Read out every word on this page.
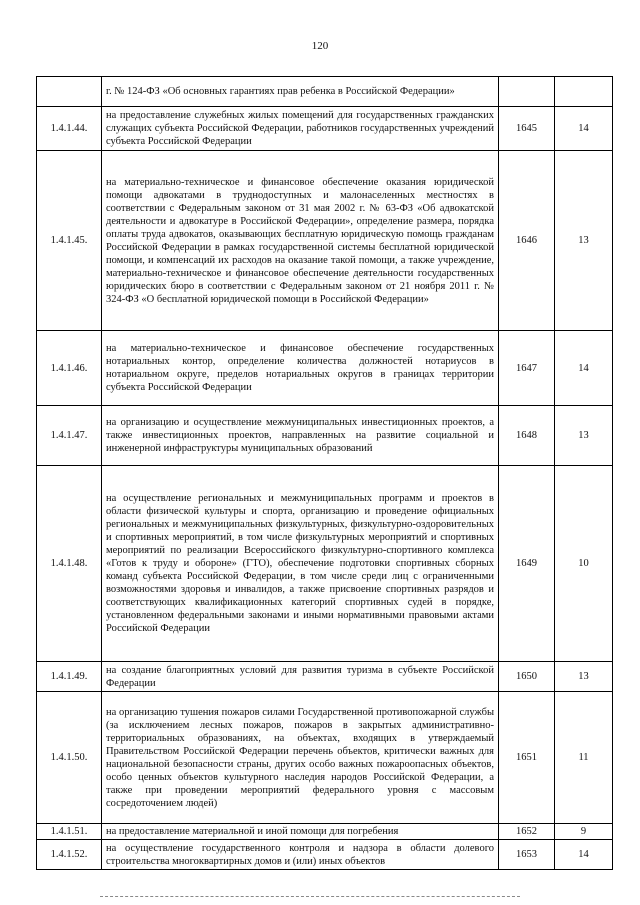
120
	г. № 124-ФЗ «Об основных гарантиях прав ребенка в Российской Федерации»		
1.4.1.44.	на предоставление служебных жилых помещений для государственных гражданских служащих субъекта Российской Федерации, работников государственных учреждений субъекта Российской Федерации	1645	14
1.4.1.45.	на материально-техническое и финансовое обеспечение оказания юридической помощи адвокатами в труднодоступных и малонаселенных местностях в соответствии с Федеральным законом от 31 мая 2002 г. № 63-ФЗ «Об адвокатской деятельности и адвокатуре в Российской Федерации», определение размера, порядка оплаты труда адвокатов, оказывающих бесплатную юридическую помощь гражданам Российской Федерации в рамках государственной системы бесплатной юридической помощи, и компенсаций их расходов на оказание такой помощи, а также учреждение, материально-техническое и финансовое обеспечение деятельности государственных юридических бюро в соответствии с Федеральным законом от 21 ноября 2011 г. № 324-ФЗ «О бесплатной юридической помощи в Российской Федерации»	1646	13
1.4.1.46.	на материально-техническое и финансовое обеспечение государственных нотариальных контор, определение количества должностей нотариусов в нотариальном округе, пределов нотариальных округов в границах территории субъекта Российской Федерации	1647	14
1.4.1.47.	на организацию и осуществление межмуниципальных инвестиционных проектов, а также инвестиционных проектов, направленных на развитие социальной и инженерной инфраструктуры муниципальных образований	1648	13
1.4.1.48.	на осуществление региональных и межмуниципальных программ и проектов в области физической культуры и спорта, организацию и проведение официальных региональных и межмуниципальных физкультурных, физкультурно-оздоровительных и спортивных мероприятий, в том числе физкультурных мероприятий и спортивных мероприятий по реализации Всероссийского физкультурно-спортивного комплекса «Готов к труду и обороне» (ГТО), обеспечение подготовки спортивных сборных команд субъекта Российской Федерации, в том числе среди лиц с ограниченными возможностями здоровья и инвалидов, а также присвоение спортивных разрядов и соответствующих квалификационных категорий спортивных судей в порядке, установленном федеральными законами и иными нормативными правовыми актами Российской Федерации	1649	10
1.4.1.49.	на создание благоприятных условий для развития туризма в субъекте Российской Федерации	1650	13
1.4.1.50.	на организацию тушения пожаров силами Государственной противопожарной службы (за исключением лесных пожаров, пожаров в закрытых административно-территориальных образованиях, на объектах, входящих в утверждаемый Правительством Российской Федерации перечень объектов, критически важных для национальной безопасности страны, других особо важных пожароопасных объектов, особо ценных объектов культурного наследия народов Российской Федерации, а также при проведении мероприятий федерального уровня с массовым сосредоточением людей)	1651	11
1.4.1.51.	на предоставление материальной и иной помощи для погребения	1652	9
1.4.1.52.	на осуществление государственного контроля и надзора в области долевого строительства многоквартирных домов и (или) иных объектов	1653	14
